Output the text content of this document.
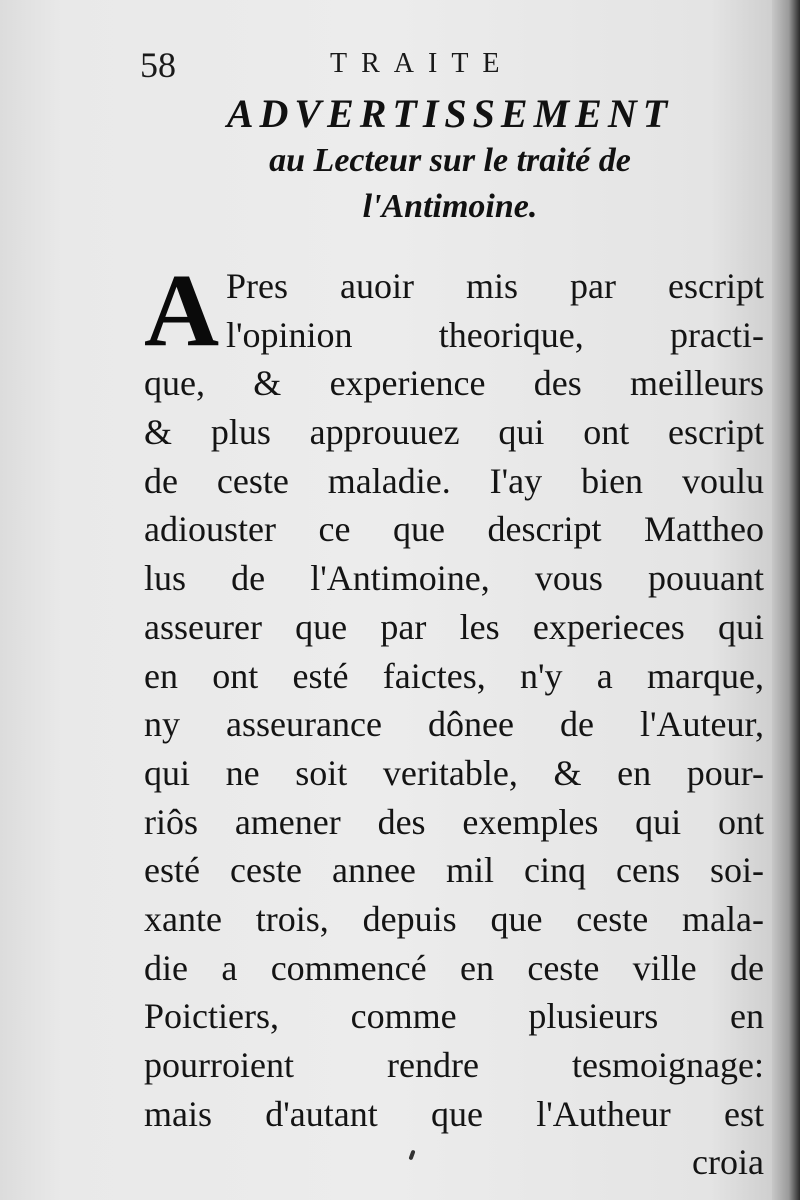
58	TRAITE
ADVERTISSEMENT
au Lecteur sur le traité de
l'Antimoine.
A Pres auoir mis par escript
l'opinion theorique, practi-
que, & experience des meilleurs
& plus approuuez qui ont escript
de ceste maladie. I'ay bien voulu
adiouster ce que descript Mattheo
lus de l'Antimoine, vous pouuant
asseurer que par les experieces qui
en ont esté faictes, n'y a marque,
ny asseurance dônee de l'Auteur,
qui ne soit veritable, & en pour-
riôs amener des exemples qui ont
esté ceste annee mil cinq cens soi-
xante trois, depuis que ceste mala-
die a commencé en ceste ville de
Poictiers, comme plusieurs en
pourroient rendre tesmoignage:
mais d'autant que l'Autheur est
croia
